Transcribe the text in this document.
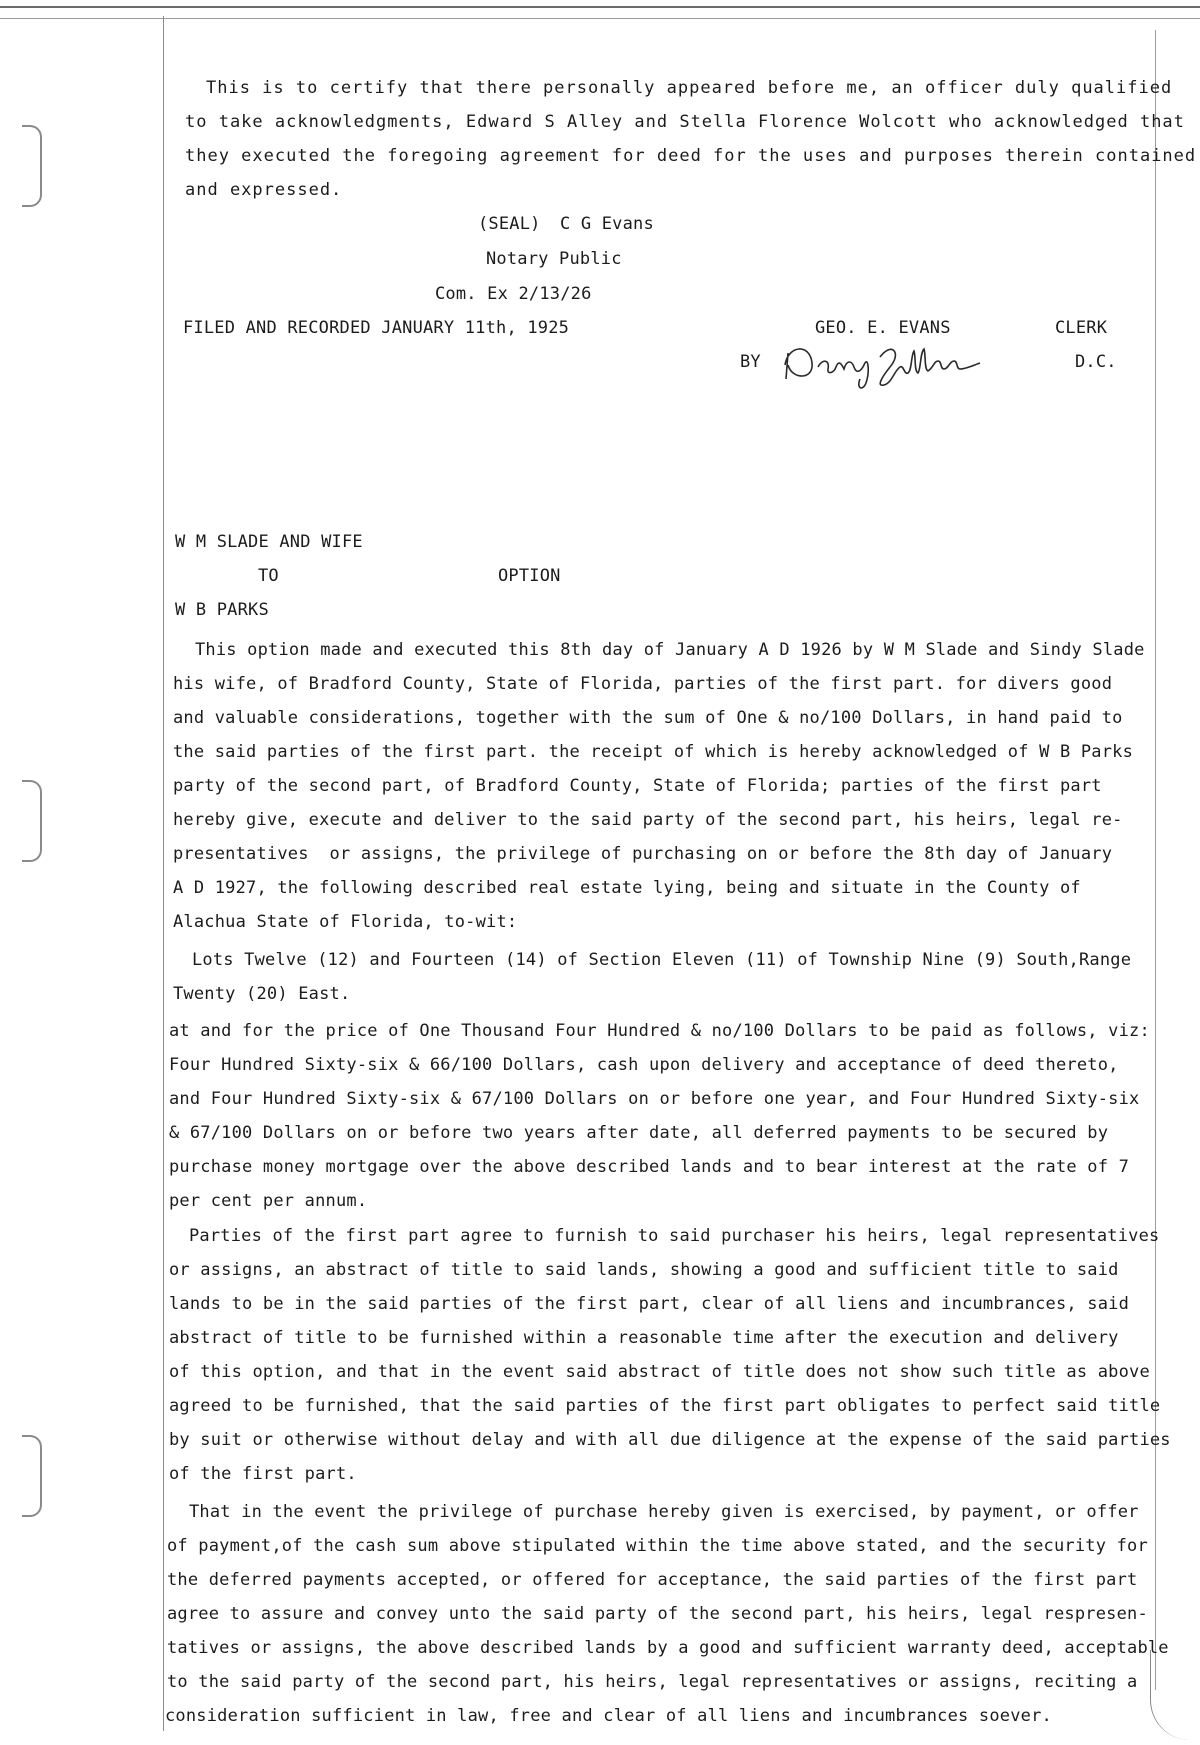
This is to certify that there personally appeared before me, an officer duly qualified
to take acknowledgments, Edward S Alley and Stella Florence Wolcott who acknowledged that
they executed the foregoing agreement for deed for the uses and purposes therein contained
and expressed.
(SEAL) C G Evans
Notary Public
Com. Ex 2/13/26
FILED AND RECORDED JANUARY 11th, 1925	GEO. E. EVANS	CLERK
BY	D.C.
W M SLADE AND WIFE
TO	OPTION
W B PARKS
This option made and executed this 8th day of January A D 1926 by W M Slade and Sindy Slade
his wife, of Bradford County, State of Florida, parties of the first part. for divers good
and valuable considerations, together with the sum of One & no/100 Dollars, in hand paid to
the said parties of the first part. the receipt of which is hereby acknowledged of W B Parks
party of the second part, of Bradford County, State of Florida; parties of the first part
hereby give, execute and deliver to the said party of the second part, his heirs, legal re-
presentatives  or assigns, the privilege of purchasing on or before the 8th day of January
A D 1927, the following described real estate lying, being and situate in the County of
Alachua State of Florida, to-wit:
Lots Twelve (12) and Fourteen (14) of Section Eleven (11) of Township Nine (9) South,Range
Twenty (20) East.
at and for the price of One Thousand Four Hundred & no/100 Dollars to be paid as follows, viz:
Four Hundred Sixty-six & 66/100 Dollars, cash upon delivery and acceptance of deed thereto,
and Four Hundred Sixty-six & 67/100 Dollars on or before one year, and Four Hundred Sixty-six
& 67/100 Dollars on or before two years after date, all deferred payments to be secured by
purchase money mortgage over the above described lands and to bear interest at the rate of 7
per cent per annum.
Parties of the first part agree to furnish to said purchaser his heirs, legal representatives
or assigns, an abstract of title to said lands, showing a good and sufficient title to said
lands to be in the said parties of the first part, clear of all liens and incumbrances, said
abstract of title to be furnished within a reasonable time after the execution and delivery
of this option, and that in the event said abstract of title does not show such title as above
agreed to be furnished, that the said parties of the first part obligates to perfect said title
by suit or otherwise without delay and with all due diligence at the expense of the said parties
of the first part.
That in the event the privilege of purchase hereby given is exercised, by payment, or offer
of payment,of the cash sum above stipulated within the time above stated, and the security for
the deferred payments accepted, or offered for acceptance, the said parties of the first part
agree to assure and convey unto the said party of the second part, his heirs, legal respresen-
tatives or assigns, the above described lands by a good and sufficient warranty deed, acceptable
to the said party of the second part, his heirs, legal representatives or assigns, reciting a
consideration sufficient in law, free and clear of all liens and incumbrances soever.
